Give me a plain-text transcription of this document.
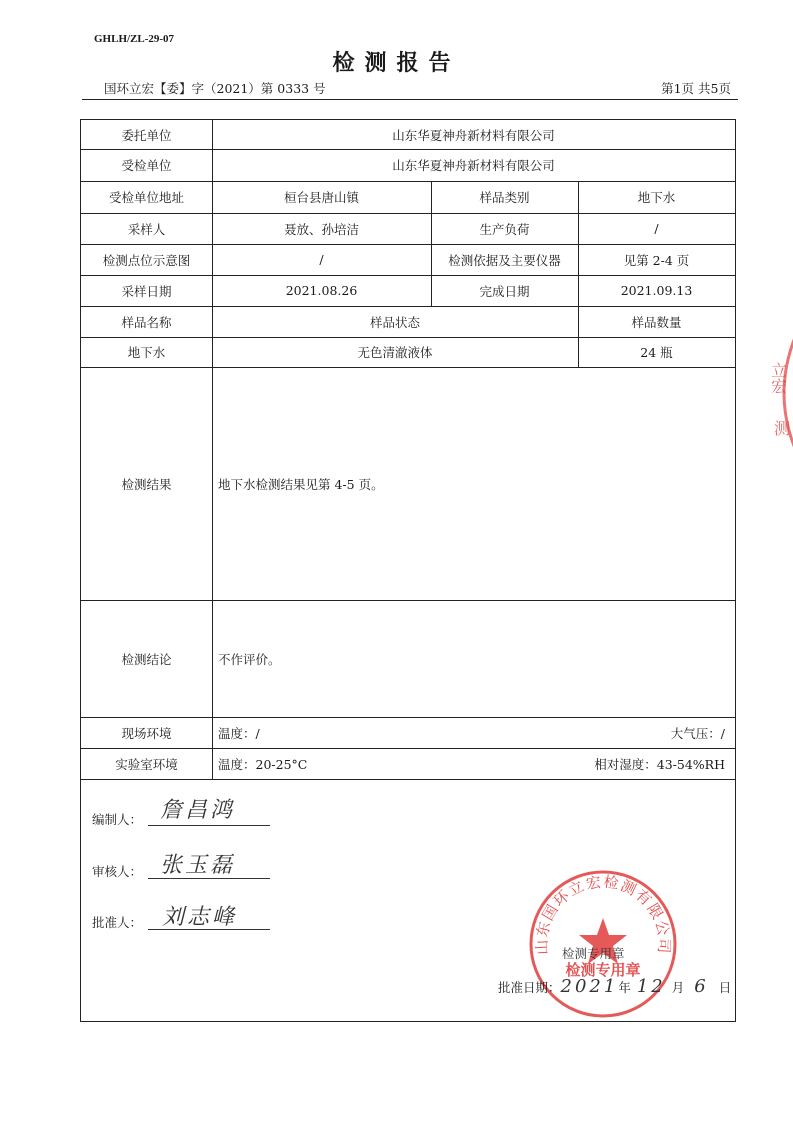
GHLH/ZL-29-07
检测报告
国环立宏【委】字（2021）第 0333 号	第1页 共5页
委托单位	山东华夏神舟新材料有限公司
受检单位	山东华夏神舟新材料有限公司
受检单位地址	桓台县唐山镇	样品类别	地下水
采样人	聂放、孙培洁	生产负荷	/
检测点位示意图	/	检测依据及主要仪器	见第 2-4 页
采样日期	2021.08.26	完成日期	2021.09.13
样品名称	样品状态	样品数量
地下水	无色清澈液体	24 瓶
检测结果	地下水检测结果见第 4-5 页。
检测结论	不作评价。
现场环境	温度：/	大气压：/
实验室环境	温度：20-25°C	相对湿度：43-54%RH
编制人： 詹昌鸿
审核人： 张玉磊
批准人： 刘志峰
山东国环立宏检测有限公司
检测专用章
检测专用章
批准日期：2021年 12 月 6 日
立宏
测
